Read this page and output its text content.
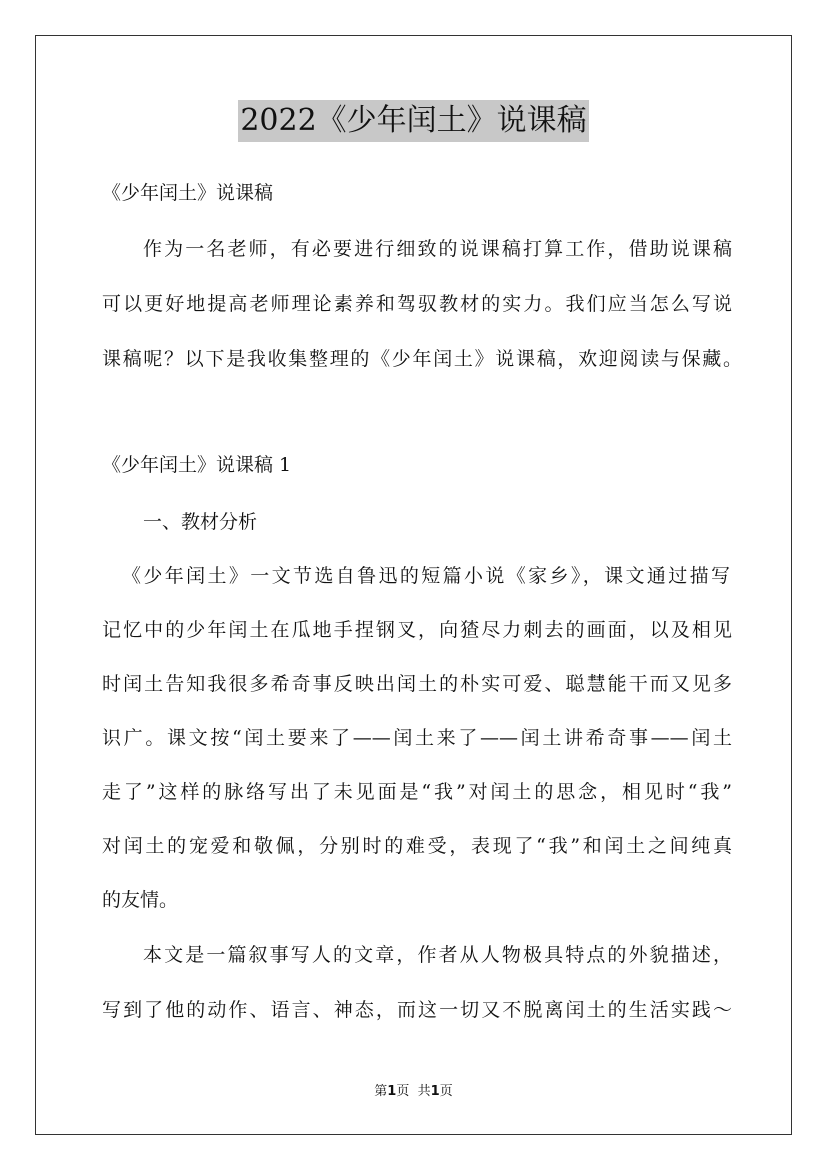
2022《少年闰土》说课稿
《少年闰土》说课稿
作为一名老师，有必要进行细致的说课稿打算工作，借助说课稿
可以更好地提高老师理论素养和驾驭教材的实力。我们应当怎么写说
课稿呢？以下是我收集整理的《少年闰土》说课稿，欢迎阅读与保藏。
《少年闰土》说课稿 1
一、教材分析
《少年闰土》一文节选自鲁迅的短篇小说《家乡》，课文通过描写
记忆中的少年闰土在瓜地手捏钢叉，向猹尽力刺去的画面，以及相见
时闰土告知我很多希奇事反映出闰土的朴实可爱、聪慧能干而又见多
识广。课文按“闰土要来了——闰土来了——闰土讲希奇事——闰土
走了”这样的脉络写出了未见面是“我”对闰土的思念，相见时“我”
对闰土的宠爱和敬佩，分别时的难受，表现了“我”和闰土之间纯真
的友情。
本文是一篇叙事写人的文章，作者从人物极具特点的外貌描述，
写到了他的动作、语言、神态，而这一切又不脱离闰土的生活实践～
第1页 共1页
